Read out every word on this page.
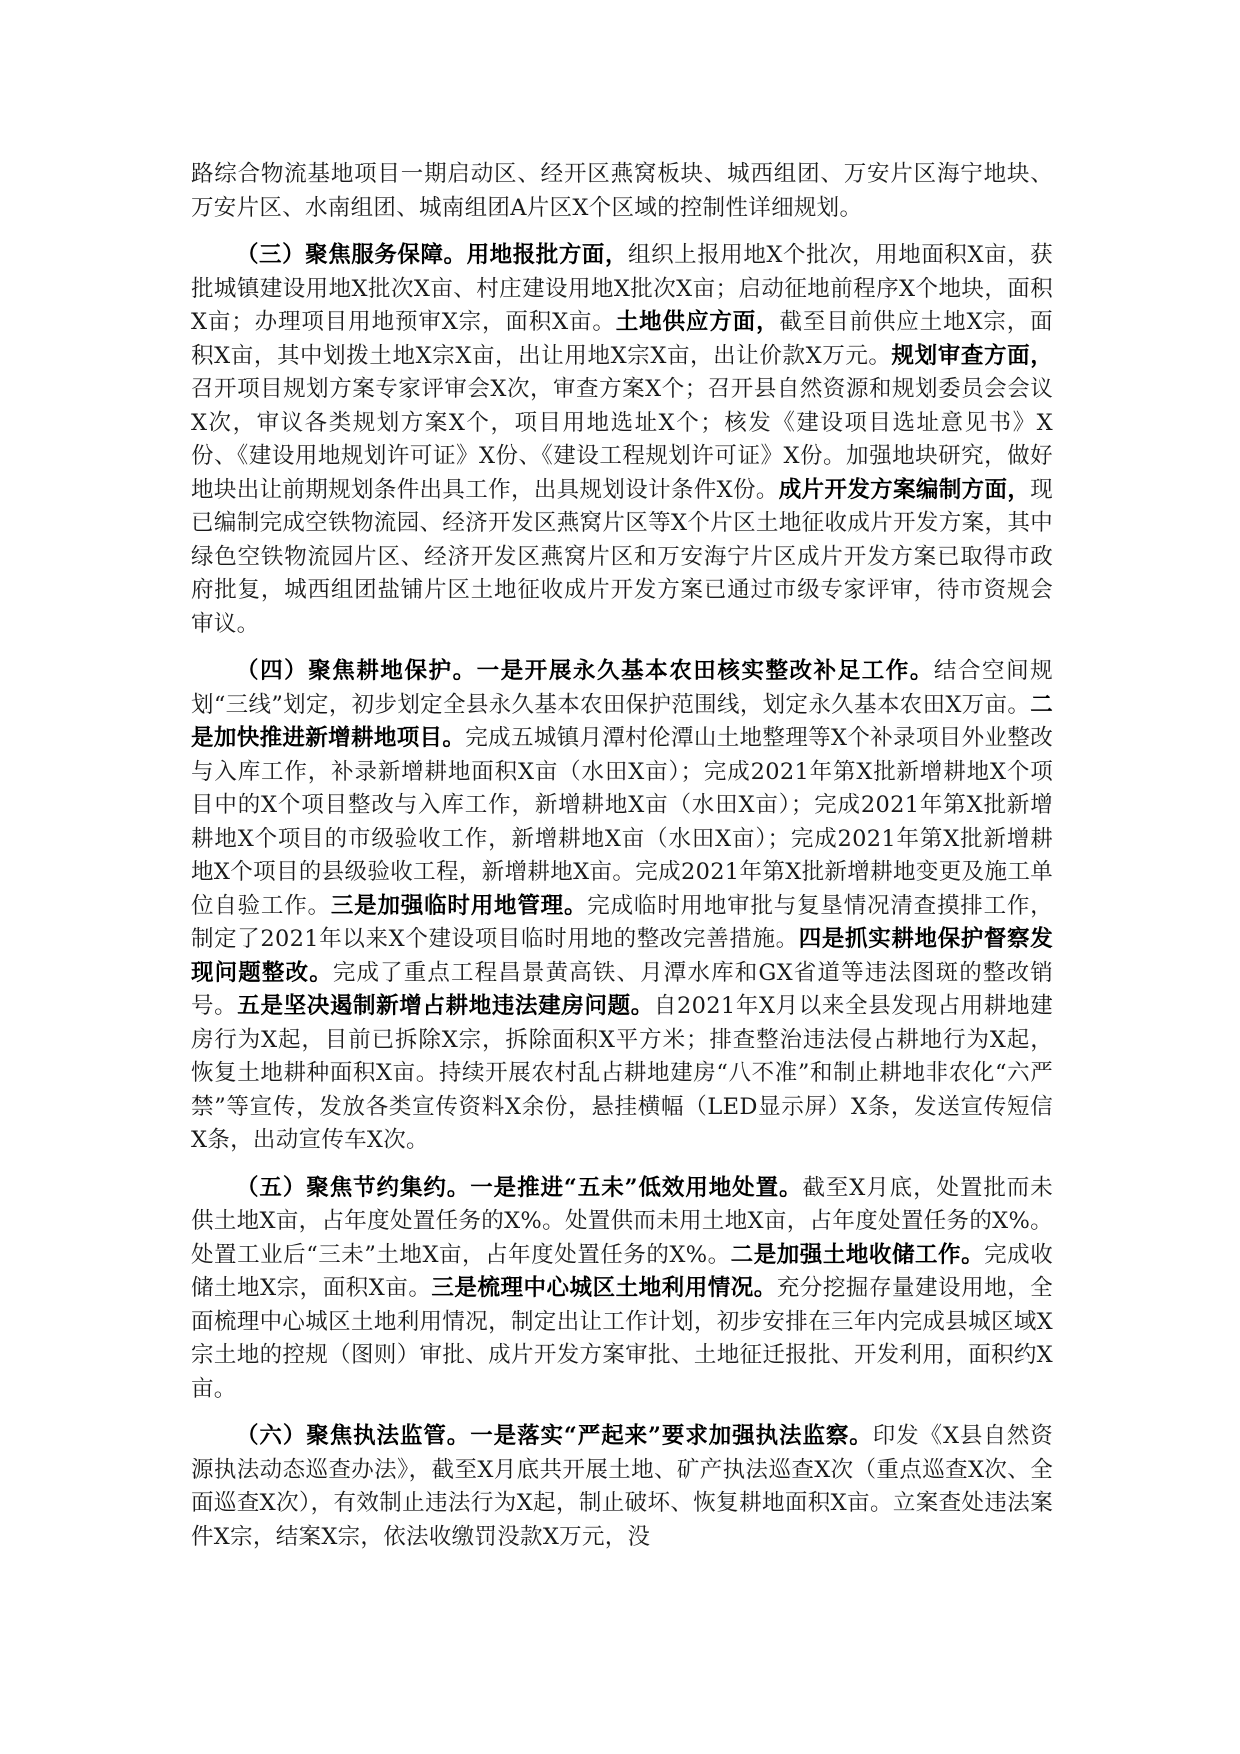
路综合物流基地项目一期启动区、经开区燕窝板块、城西组团、万安片区海宁地块、万安片区、水南组团、城南组团A片区X个区域的控制性详细规划。

（三）聚焦服务保障。用地报批方面，组织上报用地X个批次，用地面积X亩，获批城镇建设用地X批次X亩、村庄建设用地X批次X亩；启动征地前程序X个地块，面积X亩；办理项目用地预审X宗，面积X亩。土地供应方面，截至目前供应土地X宗，面积X亩，其中划拨土地X宗X亩，出让用地X宗X亩，出让价款X万元。规划审查方面，召开项目规划方案专家评审会X次，审查方案X个；召开县自然资源和规划委员会会议X次，审议各类规划方案X个，项目用地选址X个；核发《建设项目选址意见书》X份、《建设用地规划许可证》X份、《建设工程规划许可证》X份。加强地块研究，做好地块出让前期规划条件出具工作，出具规划设计条件X份。成片开发方案编制方面，现已编制完成空铁物流园、经济开发区燕窝片区等X个片区土地征收成片开发方案，其中绿色空铁物流园片区、经济开发区燕窝片区和万安海宁片区成片开发方案已取得市政府批复，城西组团盐铺片区土地征收成片开发方案已通过市级专家评审，待市资规会审议。

（四）聚焦耕地保护。一是开展永久基本农田核实整改补足工作。结合空间规划“三线”划定，初步划定全县永久基本农田保护范围线，划定永久基本农田X万亩。二是加快推进新增耕地项目。完成五城镇月潭村伦潭山土地整理等X个补录项目外业整改与入库工作，补录新增耕地面积X亩（水田X亩）；完成2021年第X批新增耕地X个项目中的X个项目整改与入库工作，新增耕地X亩（水田X亩）；完成2021年第X批新增耕地X个项目的市级验收工作，新增耕地X亩（水田X亩）；完成2021年第X批新增耕地X个项目的县级验收工程，新增耕地X亩。完成2021年第X批新增耕地变更及施工单位自验工作。三是加强临时用地管理。完成临时用地审批与复垦情况清查摸排工作，制定了2021年以来X个建设项目临时用地的整改完善措施。四是抓实耕地保护督察发现问题整改。完成了重点工程昌景黄高铁、月潭水库和GX省道等违法图斑的整改销号。五是坚决遏制新增占耕地违法建房问题。自2021年X月以来全县发现占用耕地建房行为X起，目前已拆除X宗，拆除面积X平方米；排查整治违法侵占耕地行为X起，恢复土地耕种面积X亩。持续开展农村乱占耕地建房“八不准”和制止耕地非农化“六严禁”等宣传，发放各类宣传资料X余份，悬挂横幅（LED显示屏）X条，发送宣传短信X条，出动宣传车X次。

（五）聚焦节约集约。一是推进“五未”低效用地处置。截至X月底，处置批而未供土地X亩，占年度处置任务的X%。处置供而未用土地X亩，占年度处置任务的X%。处置工业后“三未”土地X亩，占年度处置任务的X%。二是加强土地收储工作。完成收储土地X宗，面积X亩。三是梳理中心城区土地利用情况。充分挖掘存量建设用地，全面梳理中心城区土地利用情况，制定出让工作计划，初步安排在三年内完成县城区域X宗土地的控规（图则）审批、成片开发方案审批、土地征迁报批、开发利用，面积约X亩。

（六）聚焦执法监管。一是落实“严起来”要求加强执法监察。印发《X县自然资源执法动态巡查办法》，截至X月底共开展土地、矿产执法巡查X次（重点巡查X次、全面巡查X次），有效制止违法行为X起，制止破坏、恢复耕地面积X亩。立案查处违法案件X宗，结案X宗，依法收缴罚没款X万元，没
